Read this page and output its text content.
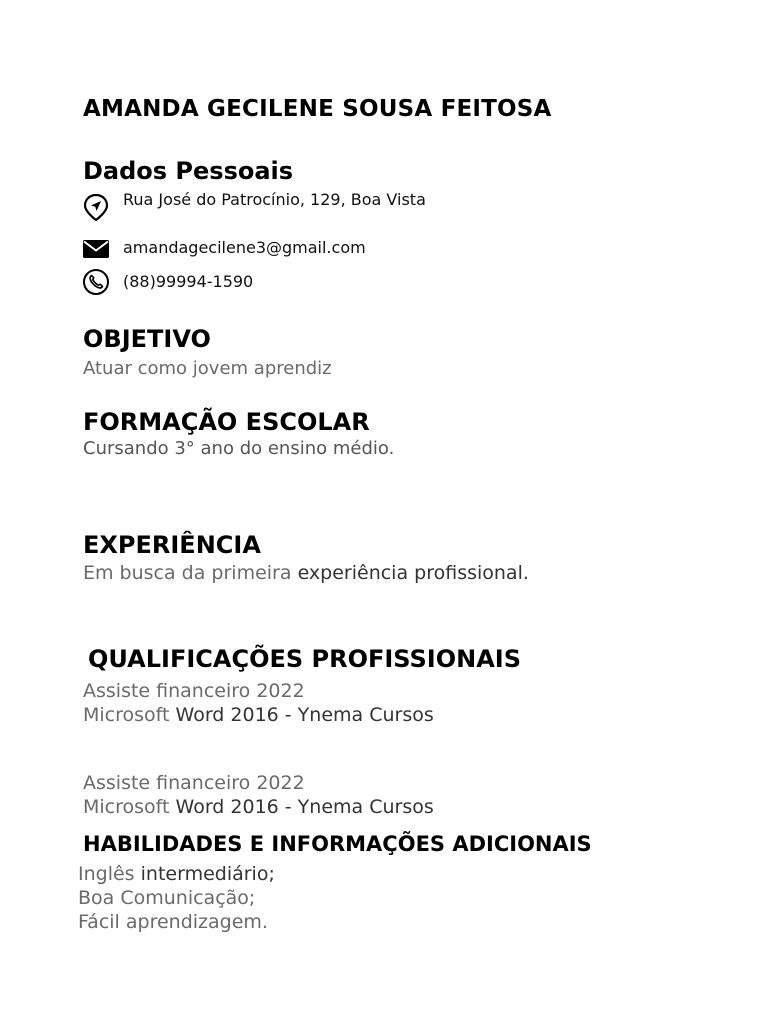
AMANDA GECILENE SOUSA FEITOSA
Dados Pessoais
Rua José do Patrocínio, 129, Boa Vista
amandagecilene3@gmail.com
(88)99994-1590
OBJETIVO
Atuar como jovem aprendiz
FORMAÇÃO ESCOLAR
Cursando 3° ano do ensino médio.
EXPERIÊNCIA
Em busca da primeira experiência profissional.
QUALIFICAÇÕES PROFISSIONAIS
Assiste financeiro 2022
Microsoft Word 2016 - Ynema Cursos
Assiste financeiro 2022
Microsoft Word 2016 - Ynema Cursos
HABILIDADES E INFORMAÇÕES ADICIONAIS
Inglês intermediário;
Boa Comunicação;
Fácil aprendizagem.
